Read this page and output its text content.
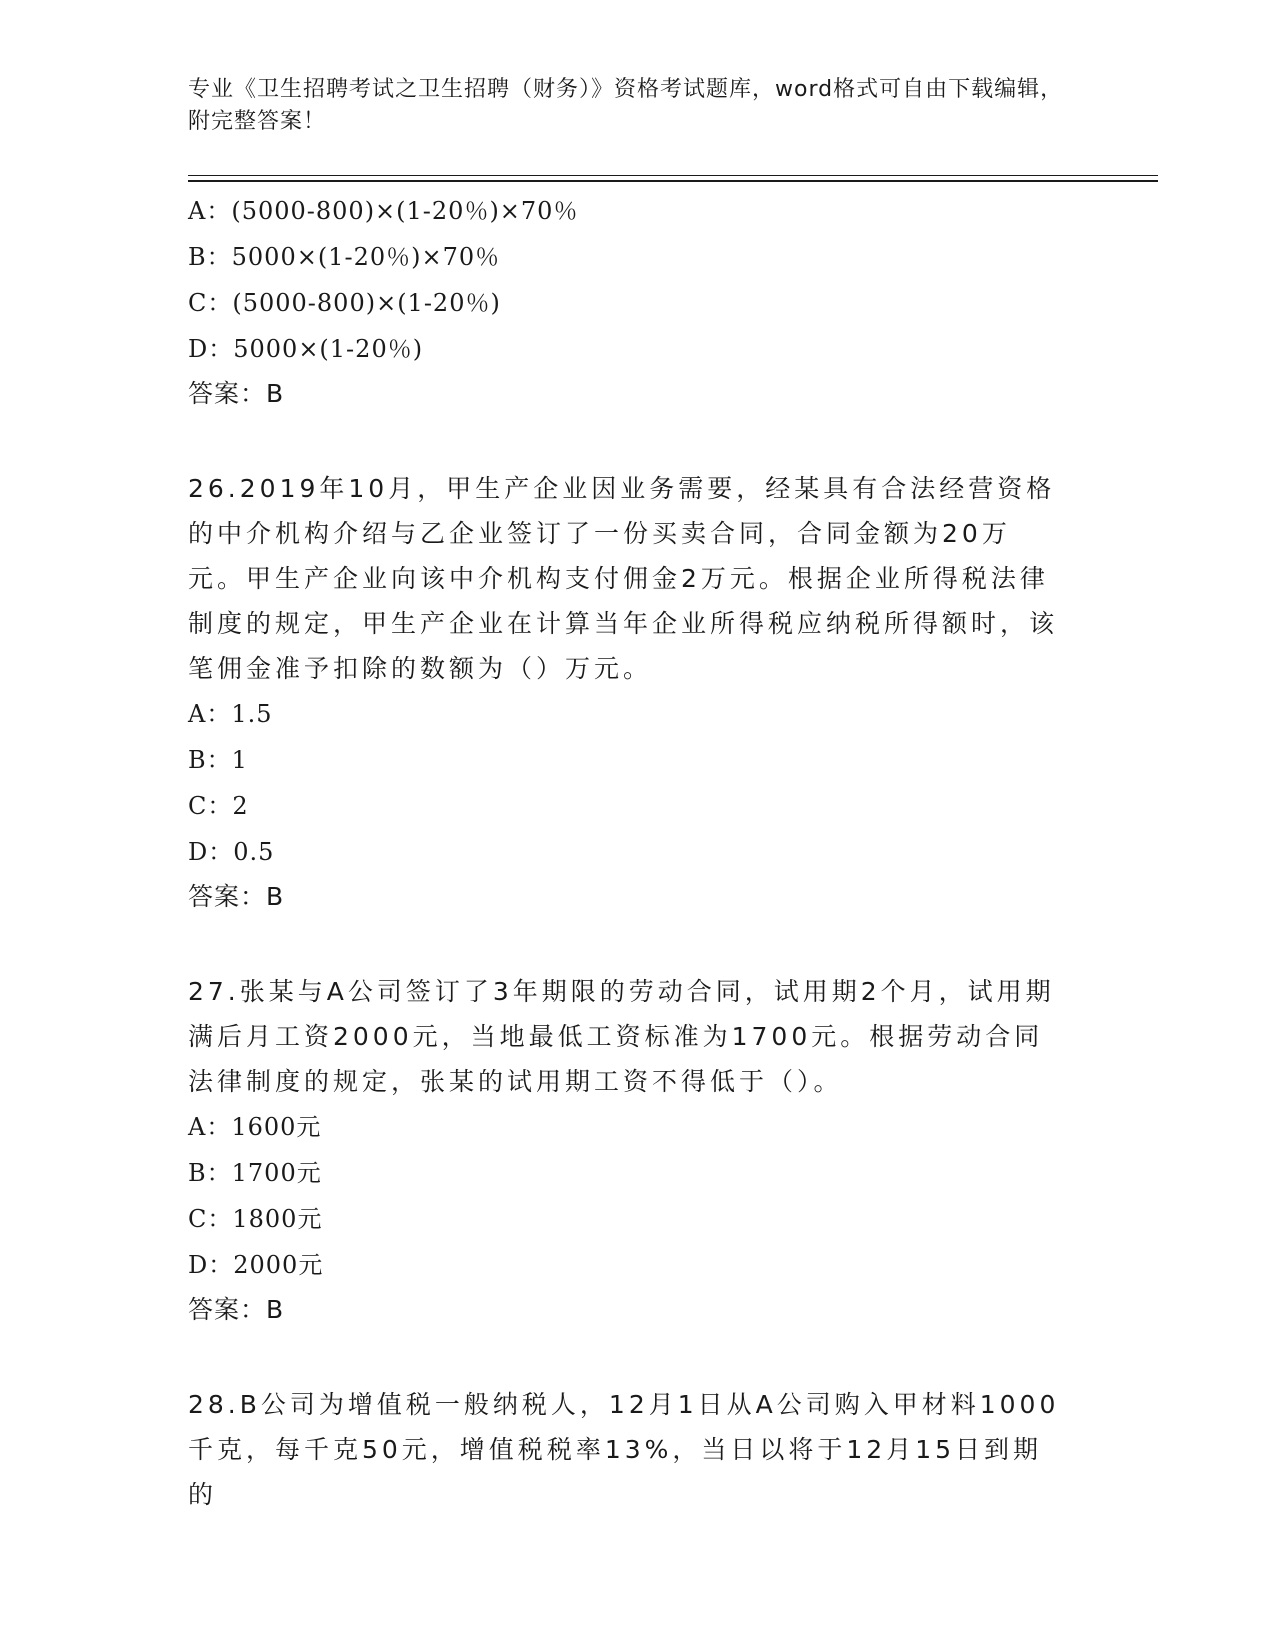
专业《卫生招聘考试之卫生招聘（财务）》资格考试题库，word格式可自由下载编辑，附完整答案！
A：(5000-800)×(1-20％)×70％
B：5000×(1-20％)×70％
C：(5000-800)×(1-20％)
D：5000×(1-20％)
答案：B
26.2019年10月，甲生产企业因业务需要，经某具有合法经营资格的中介机构介绍与乙企业签订了一份买卖合同，合同金额为20万元。甲生产企业向该中介机构支付佣金2万元。根据企业所得税法律制度的规定，甲生产企业在计算当年企业所得税应纳税所得额时，该笔佣金准予扣除的数额为（）万元。
A：1.5
B：1
C：2
D：0.5
答案：B
27.张某与A公司签订了3年期限的劳动合同，试用期2个月，试用期满后月工资2000元，当地最低工资标准为1700元。根据劳动合同法律制度的规定，张某的试用期工资不得低于（）。
A：1600元
B：1700元
C：1800元
D：2000元
答案：B
28.B公司为增值税一般纳税人，12月1日从A公司购入甲材料1000千克，每千克50元，增值税税率13%，当日以将于12月15日到期的
